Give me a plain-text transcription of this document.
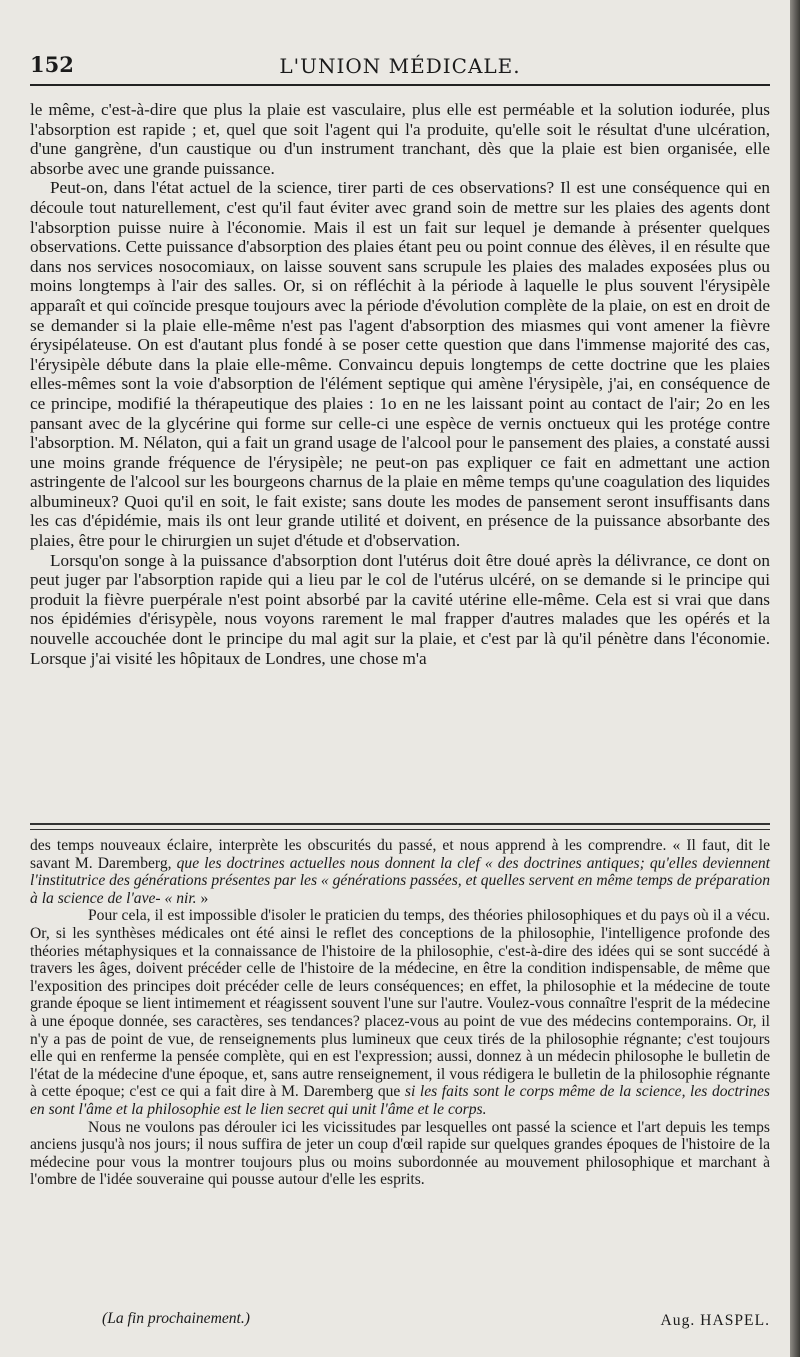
152	L'UNION MÉDICALE.

le même, c'est-à-dire que plus la plaie est vasculaire, plus elle est perméable et la solution iodurée, plus l'absorption est rapide ; et, quel que soit l'agent qui l'a produite, qu'elle soit le résultat d'une ulcération, d'une gangrène, d'un caustique ou d'un instrument tranchant, dès que la plaie est bien organisée, elle absorbe avec une grande puissance.

Peut-on, dans l'état actuel de la science, tirer parti de ces observations? Il est une conséquence qui en découle tout naturellement, c'est qu'il faut éviter avec grand soin de mettre sur les plaies des agents dont l'absorption puisse nuire à l'économie. Mais il est un fait sur lequel je demande à présenter quelques observations. Cette puissance d'absorption des plaies étant peu ou point connue des élèves, il en résulte que dans nos services nosocomiaux, on laisse souvent sans scrupule les plaies des malades exposées plus ou moins longtemps à l'air des salles. Or, si on réfléchit à la période à laquelle le plus souvent l'érysipèle apparaît et qui coïncide presque toujours avec la période d'évolution complète de la plaie, on est en droit de se demander si la plaie elle-même n'est pas l'agent d'absorption des miasmes qui vont amener la fièvre érysipélateuse. On est d'autant plus fondé à se poser cette question que dans l'immense majorité des cas, l'érysipèle débute dans la plaie elle-même. Convaincu depuis longtemps de cette doctrine que les plaies elles-mêmes sont la voie d'absorption de l'élément septique qui amène l'érysipèle, j'ai, en conséquence de ce principe, modifié la thérapeutique des plaies : 1o en ne les laissant point au contact de l'air; 2o en les pansant avec de la glycérine qui forme sur celle-ci une espèce de vernis onctueux qui les protége contre l'absorption. M. Nélaton, qui a fait un grand usage de l'alcool pour le pansement des plaies, a constaté aussi une moins grande fréquence de l'érysipèle; ne peut-on pas expliquer ce fait en admettant une action astringente de l'alcool sur les bourgeons charnus de la plaie en même temps qu'une coagulation des liquides albumineux? Quoi qu'il en soit, le fait existe; sans doute les modes de pansement seront insuffisants dans les cas d'épidémie, mais ils ont leur grande utilité et doivent, en présence de la puissance absorbante des plaies, être pour le chirurgien un sujet d'étude et d'observation.

Lorsqu'on songe à la puissance d'absorption dont l'utérus doit être doué après la délivrance, ce dont on peut juger par l'absorption rapide qui a lieu par le col de l'utérus ulcéré, on se demande si le principe qui produit la fièvre puerpérale n'est point absorbé par la cavité utérine elle-même. Cela est si vrai que dans nos épidémies d'érisypèle, nous voyons rarement le mal frapper d'autres malades que les opérés et la nouvelle accouchée dont le principe du mal agit sur la plaie, et c'est par là qu'il pénètre dans l'économie. Lorsque j'ai visité les hôpitaux de Londres, une chose m'a

des temps nouveaux éclaire, interprète les obscurités du passé, et nous apprend à les comprendre. « Il faut, dit le savant M. Daremberg, que les doctrines actuelles nous donnent la clef « des doctrines antiques; qu'elles deviennent l'institutrice des générations présentes par les « générations passées, et quelles servent en même temps de préparation à la science de l'ave- « nir. »

Pour cela, il est impossible d'isoler le praticien du temps, des théories philosophiques et du pays où il a vécu. Or, si les synthèses médicales ont été ainsi le reflet des conceptions de la philosophie, l'intelligence profonde des théories métaphysiques et la connaissance de l'histoire de la philosophie, c'est-à-dire des idées qui se sont succédé à travers les âges, doivent précéder celle de l'histoire de la médecine, en être la condition indispensable, de même que l'exposition des principes doit précéder celle de leurs conséquences; en effet, la philosophie et la médecine de toute grande époque se lient intimement et réagissent souvent l'une sur l'autre. Voulez-vous connaître l'esprit de la médecine à une époque donnée, ses caractères, ses tendances? placez-vous au point de vue des médecins contemporains. Or, il n'y a pas de point de vue, de renseignements plus lumineux que ceux tirés de la philosophie régnante; c'est toujours elle qui en renferme la pensée complète, qui en est l'expression; aussi, donnez à un médecin philosophe le bulletin de l'état de la médecine d'une époque, et, sans autre renseignement, il vous rédigera le bulletin de la philosophie régnante à cette époque; c'est ce qui a fait dire à M. Daremberg que si les faits sont le corps même de la science, les doctrines en sont l'âme et la philosophie est le lien secret qui unit l'âme et le corps.

Nous ne voulons pas dérouler ici les vicissitudes par lesquelles ont passé la science et l'art depuis les temps anciens jusqu'à nos jours; il nous suffira de jeter un coup d'œil rapide sur quelques grandes époques de l'histoire de la médecine pour vous la montrer toujours plus ou moins subordonnée au mouvement philosophique et marchant à l'ombre de l'idée souveraine qui pousse autour d'elle les esprits.

(La fin prochainement.)	Aug. HASPEL.
